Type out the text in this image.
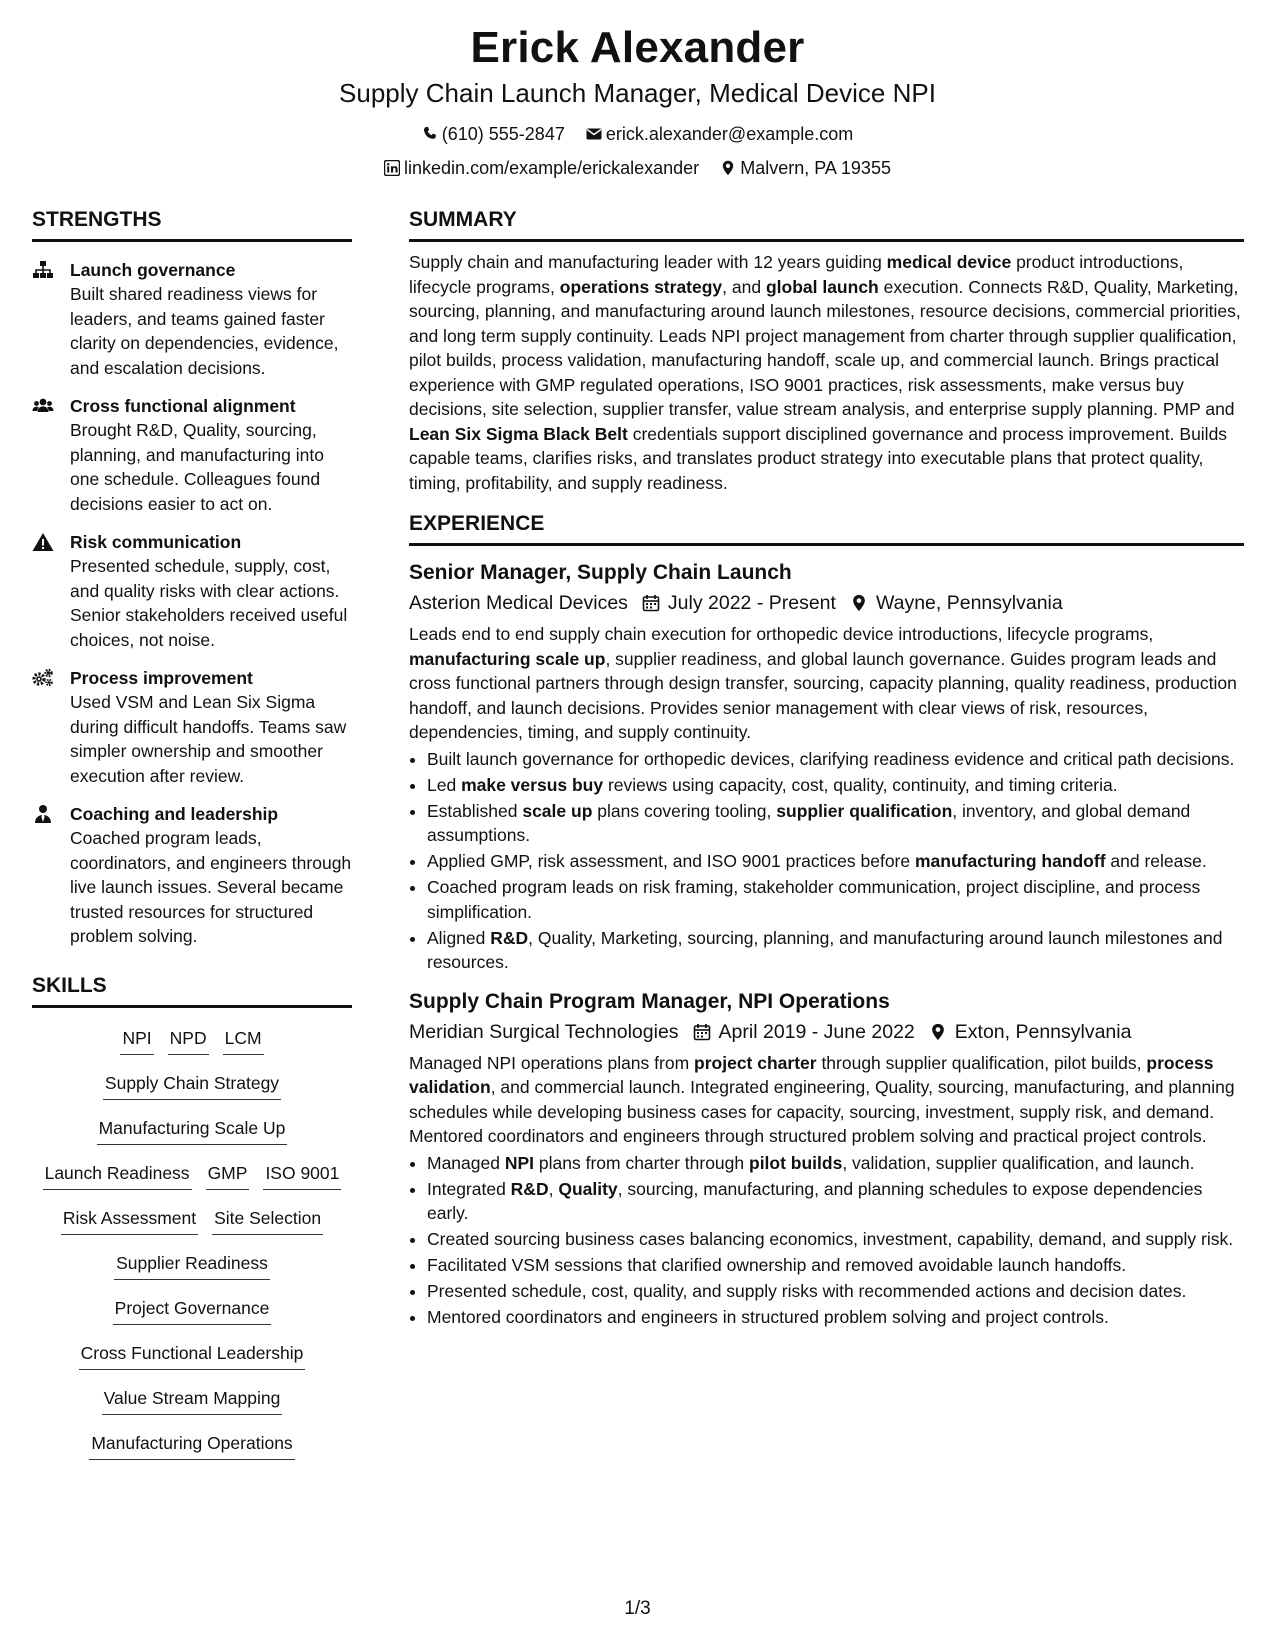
Erick Alexander
Supply Chain Launch Manager, Medical Device NPI
(610) 555-2847
erick.alexander@example.com
linkedin.com/example/erickalexander
Malvern, PA 19355
STRENGTHS
Launch governance
Built shared readiness views for leaders, and teams gained faster clarity on dependencies, evidence, and escalation decisions.
Cross functional alignment
Brought R&D, Quality, sourcing, planning, and manufacturing into one schedule. Colleagues found decisions easier to act on.
Risk communication
Presented schedule, supply, cost, and quality risks with clear actions. Senior stakeholders received useful choices, not noise.
Process improvement
Used VSM and Lean Six Sigma during difficult handoffs. Teams saw simpler ownership and smoother execution after review.
Coaching and leadership
Coached program leads, coordinators, and engineers through live launch issues. Several became trusted resources for structured problem solving.
SKILLS
NPI NPD LCM
Supply Chain Strategy
Manufacturing Scale Up
Launch Readiness GMP ISO 9001
Risk Assessment Site Selection
Supplier Readiness
Project Governance
Cross Functional Leadership
Value Stream Mapping
Manufacturing Operations
SUMMARY
Supply chain and manufacturing leader with 12 years guiding medical device product introductions, lifecycle programs, operations strategy, and global launch execution. Connects R&D, Quality, Marketing, sourcing, planning, and manufacturing around launch milestones, resource decisions, commercial priorities, and long term supply continuity. Leads NPI project management from charter through supplier qualification, pilot builds, process validation, manufacturing handoff, scale up, and commercial launch. Brings practical experience with GMP regulated operations, ISO 9001 practices, risk assessments, make versus buy decisions, site selection, supplier transfer, value stream analysis, and enterprise supply planning. PMP and Lean Six Sigma Black Belt credentials support disciplined governance and process improvement. Builds capable teams, clarifies risks, and translates product strategy into executable plans that protect quality, timing, profitability, and supply readiness.
EXPERIENCE
Senior Manager, Supply Chain Launch
Asterion Medical Devices July 2022 - Present Wayne, Pennsylvania
Leads end to end supply chain execution for orthopedic device introductions, lifecycle programs, manufacturing scale up, supplier readiness, and global launch governance. Guides program leads and cross functional partners through design transfer, sourcing, capacity planning, quality readiness, production handoff, and launch decisions. Provides senior management with clear views of risk, resources, dependencies, timing, and supply continuity.
• Built launch governance for orthopedic devices, clarifying readiness evidence and critical path decisions.
• Led make versus buy reviews using capacity, cost, quality, continuity, and timing criteria.
• Established scale up plans covering tooling, supplier qualification, inventory, and global demand assumptions.
• Applied GMP, risk assessment, and ISO 9001 practices before manufacturing handoff and release.
• Coached program leads on risk framing, stakeholder communication, project discipline, and process simplification.
• Aligned R&D, Quality, Marketing, sourcing, planning, and manufacturing around launch milestones and resources.
Supply Chain Program Manager, NPI Operations
Meridian Surgical Technologies April 2019 - June 2022 Exton, Pennsylvania
Managed NPI operations plans from project charter through supplier qualification, pilot builds, process validation, and commercial launch. Integrated engineering, Quality, sourcing, manufacturing, and planning schedules while developing business cases for capacity, sourcing, investment, supply risk, and demand. Mentored coordinators and engineers through structured problem solving and practical project controls.
• Managed NPI plans from charter through pilot builds, validation, supplier qualification, and launch.
• Integrated R&D, Quality, sourcing, manufacturing, and planning schedules to expose dependencies early.
• Created sourcing business cases balancing economics, investment, capability, demand, and supply risk.
• Facilitated VSM sessions that clarified ownership and removed avoidable launch handoffs.
• Presented schedule, cost, quality, and supply risks with recommended actions and decision dates.
• Mentored coordinators and engineers in structured problem solving and project controls.
1/3
